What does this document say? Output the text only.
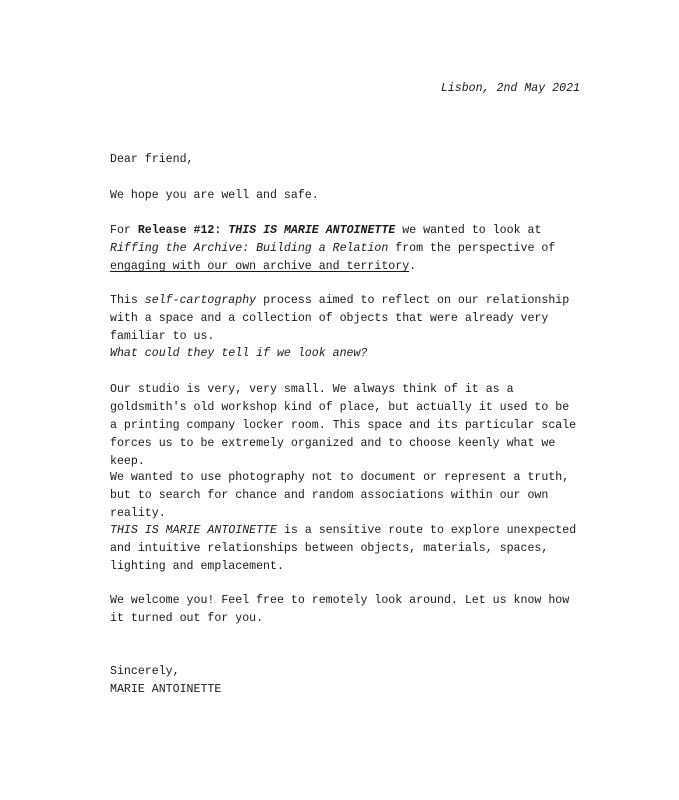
Lisbon, 2nd May 2021

Dear friend,

We hope you are well and safe.

For Release #12: THIS IS MARIE ANTOINETTE we wanted to look at Riffing the Archive: Building a Relation from the perspective of engaging with our own archive and territory.

This self-cartography process aimed to reflect on our relationship with a space and a collection of objects that were already very familiar to us.

What could they tell if we look anew?

Our studio is very, very small. We always think of it as a goldsmith's old workshop kind of place, but actually it used to be a printing company locker room. This space and its particular scale forces us to be extremely organized and to choose keenly what we keep.

We wanted to use photography not to document or represent a truth, but to search for chance and random associations within our own reality.

THIS IS MARIE ANTOINETTE is a sensitive route to explore unexpected and intuitive relationships between objects, materials, spaces, lighting and emplacement.

We welcome you! Feel free to remotely look around. Let us know how it turned out for you.

Sincerely,

MARIE ANTOINETTE
